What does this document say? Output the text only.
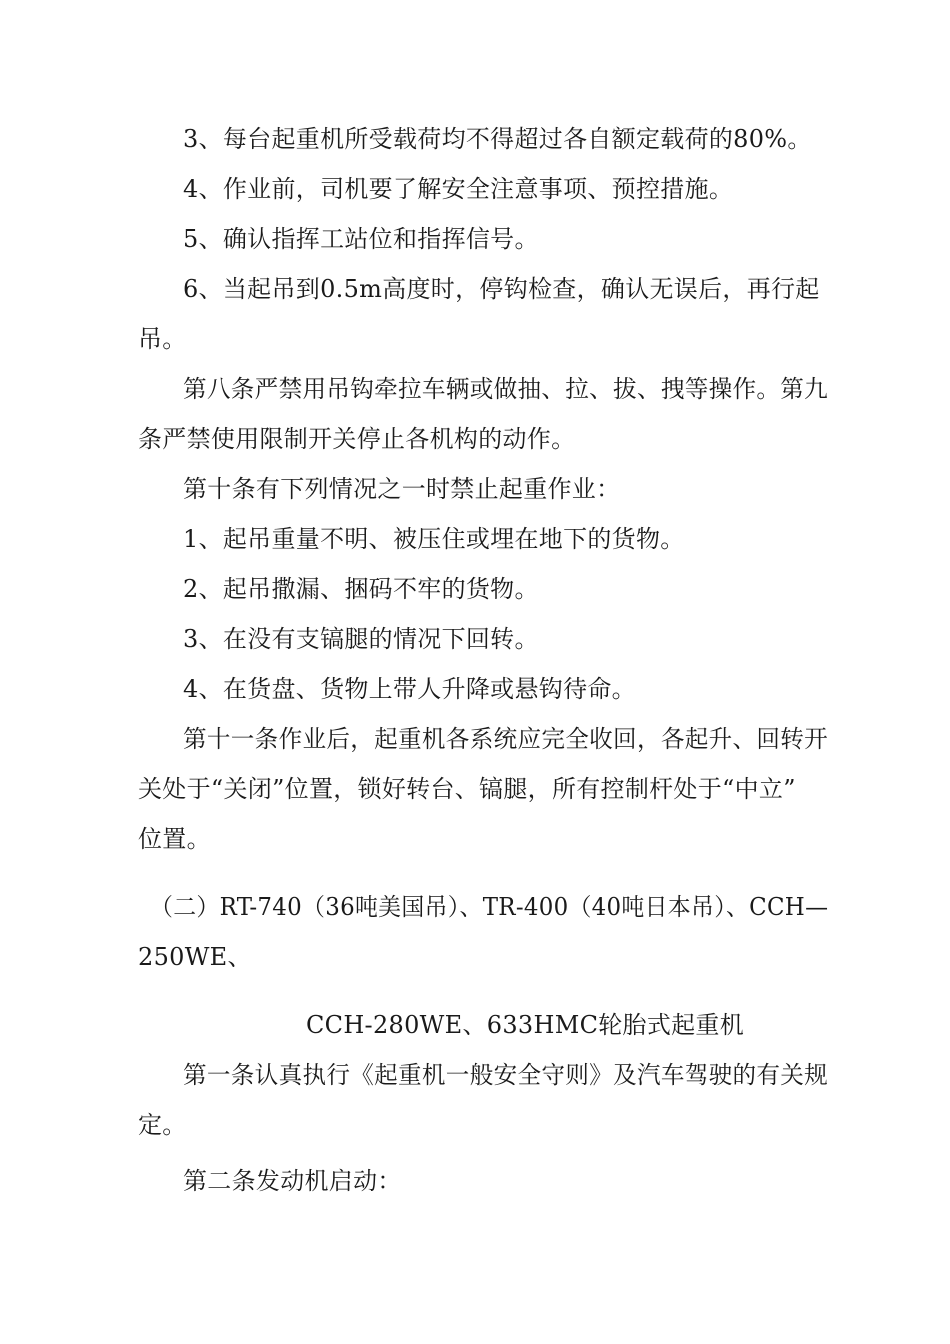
3、每台起重机所受载荷均不得超过各自额定载荷的80%。
4、作业前，司机要了解安全注意事项、预控措施。
5、确认指挥工站位和指挥信号。
6、当起吊到0.5m高度时，停钩检查，确认无误后，再行起
吊。
第八条严禁用吊钩牵拉车辆或做抽、拉、拔、拽等操作。第九
条严禁使用限制开关停止各机构的动作。
第十条有下列情况之一时禁止起重作业：
1、起吊重量不明、被压住或埋在地下的货物。
2、起吊撒漏、捆码不牢的货物。
3、在没有支镐腿的情况下回转。
4、在货盘、货物上带人升降或悬钩待命。
第十一条作业后，起重机各系统应完全收回，各起升、回转开
关处于“关闭”位置，锁好转台、镐腿，所有控制杆处于“中立”
位置。
（二）RT-740（36吨美国吊）、TR-400（40吨日本吊）、CCH—
250WE、
CCH-280WE、633HMC轮胎式起重机
第一条认真执行《起重机一般安全守则》及汽车驾驶的有关规
定。
第二条发动机启动：
